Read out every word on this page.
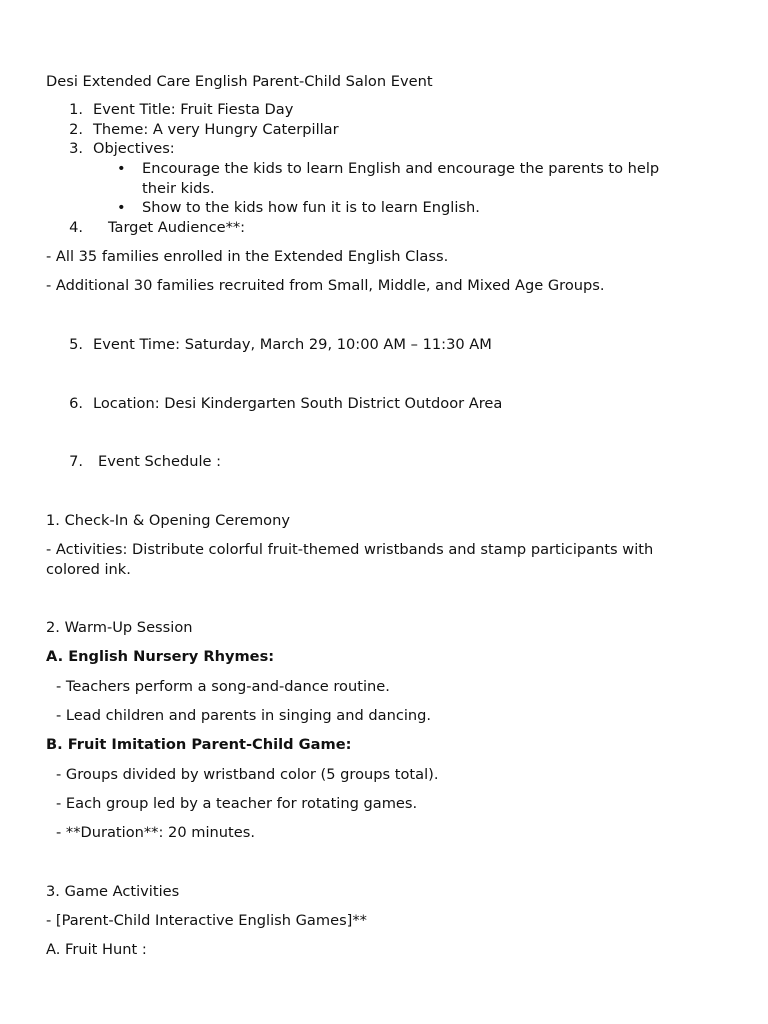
Desi Extended Care English Parent-Child Salon Event
1. Event Title: Fruit Fiesta Day
2. Theme: A very Hungry Caterpillar
3. Objectives:
• Encourage the kids to learn English and encourage the parents to help
their kids.
• Show to the kids how fun it is to learn English.
4. Target Audience**:
- All 35 families enrolled in the Extended English Class.
- Additional 30 families recruited from Small, Middle, and Mixed Age Groups.
5. Event Time: Saturday, March 29, 10:00 AM – 11:30 AM
6. Location: Desi Kindergarten South District Outdoor Area
7. Event Schedule :
1. Check-In & Opening Ceremony
- Activities: Distribute colorful fruit-themed wristbands and stamp participants with
colored ink.
2. Warm-Up Session
A. English Nursery Rhymes:
- Teachers perform a song-and-dance routine.
- Lead children and parents in singing and dancing.
B. Fruit Imitation Parent-Child Game:
- Groups divided by wristband color (5 groups total).
- Each group led by a teacher for rotating games.
- **Duration**: 20 minutes.
3. Game Activities
- [Parent-Child Interactive English Games]**
A. Fruit Hunt :
